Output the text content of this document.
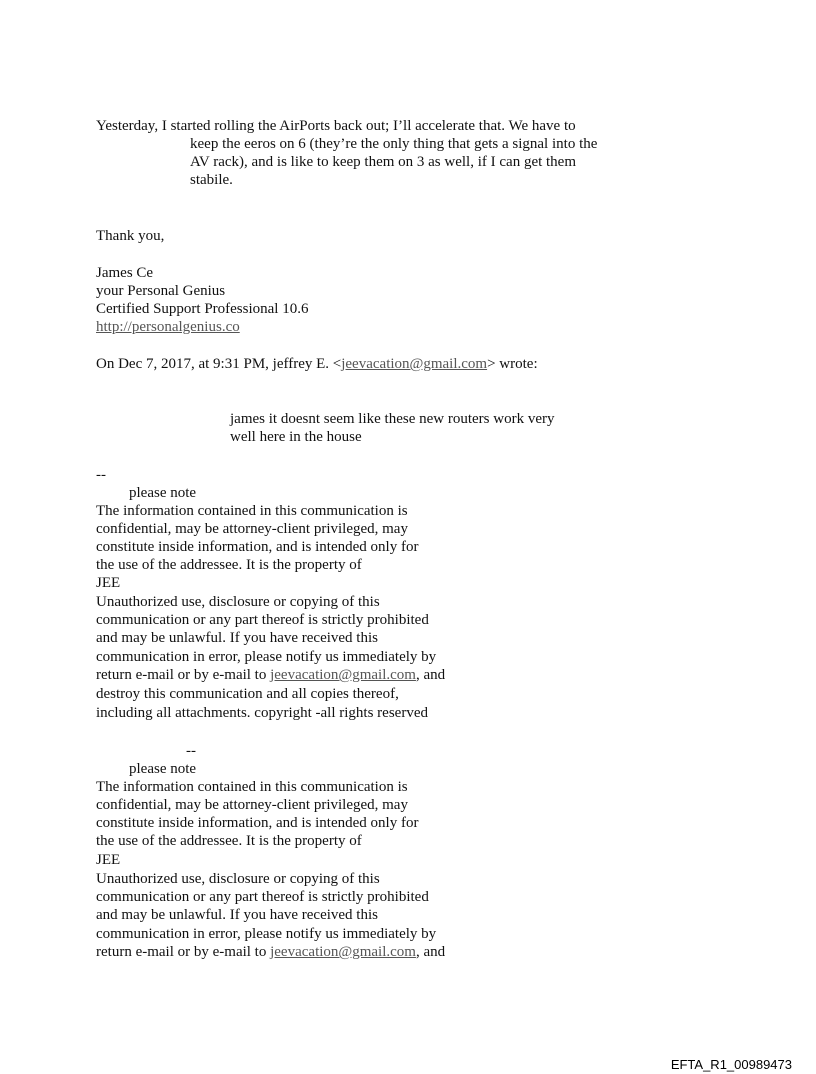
Yesterday, I started rolling the AirPorts back out; I’ll accelerate that. We have to
keep the eeros on 6 (they’re the only thing that gets a signal into the
AV rack), and is like to keep them on 3 as well, if I can get them
stabile.
Thank you,
James Ce
your Personal Genius
Certified Support Professional 10.6
http://personalgenius.co
On Dec 7, 2017, at 9:31 PM, jeffrey E. <jeevacation@gmail.com> wrote:
james it doesnt seem like these new routers work very
well here in the house
--
please note
The information contained in this communication is
confidential, may be attorney-client privileged, may
constitute inside information, and is intended only for
the use of the addressee. It is the property of
JEE
Unauthorized use, disclosure or copying of this
communication or any part thereof is strictly prohibited
and may be unlawful. If you have received this
communication in error, please notify us immediately by
return e-mail or by e-mail to jeevacation@gmail.com, and
destroy this communication and all copies thereof,
including all attachments. copyright -all rights reserved
--
please note
The information contained in this communication is
confidential, may be attorney-client privileged, may
constitute inside information, and is intended only for
the use of the addressee. It is the property of
JEE
Unauthorized use, disclosure or copying of this
communication or any part thereof is strictly prohibited
and may be unlawful. If you have received this
communication in error, please notify us immediately by
return e-mail or by e-mail to jeevacation@gmail.com, and
EFTA_R1_00989473
